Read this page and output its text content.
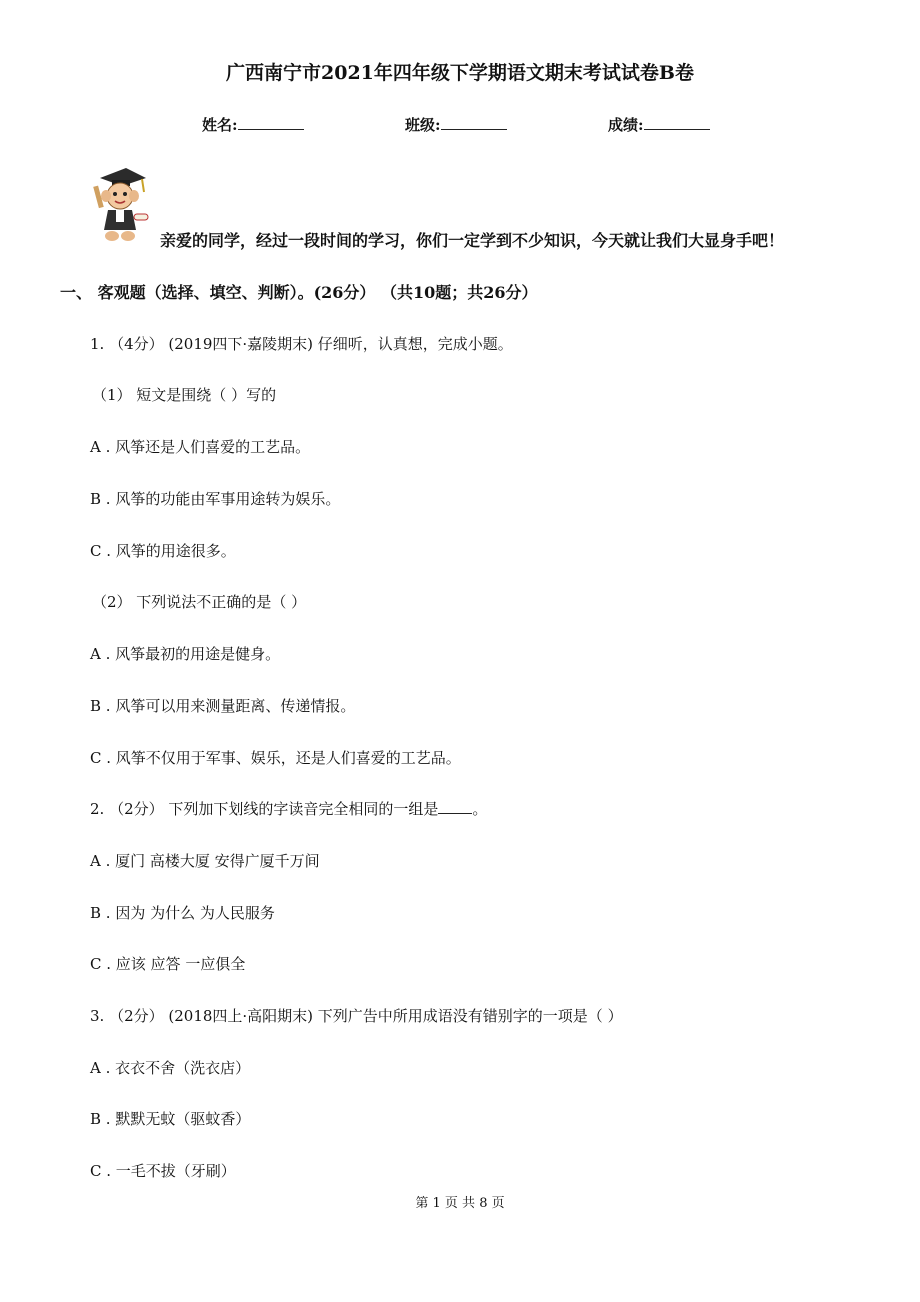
广西南宁市2021年四年级下学期语文期末考试试卷B卷
姓名:	班级:	成绩:
亲爱的同学，经过一段时间的学习，你们一定学到不少知识，今天就让我们大显身手吧！
一、 客观题（选择、填空、判断）。(26分） （共10题；共26分）
1. （4分） (2019四下·嘉陵期末) 仔细听，认真想，完成小题。
（1） 短文是围绕（ ）写的
A . 风筝还是人们喜爱的工艺品。
B . 风筝的功能由军事用途转为娱乐。
C . 风筝的用途很多。
（2） 下列说法不正确的是（ ）
A . 风筝最初的用途是健身。
B . 风筝可以用来测量距离、传递情报。
C . 风筝不仅用于军事、娱乐，还是人们喜爱的工艺品。
2. （2分） 下列加下划线的字读音完全相同的一组是 。
A . 厦门 高楼大厦 安得广厦千万间
B . 因为 为什么 为人民服务
C . 应该 应答 一应俱全
3. （2分） (2018四上·高阳期末) 下列广告中所用成语没有错别字的一项是（ ）
A . 衣衣不舍（洗衣店）
B . 默默无蚊（驱蚊香）
C . 一毛不拔（牙刷）
第 1 页 共 8 页
